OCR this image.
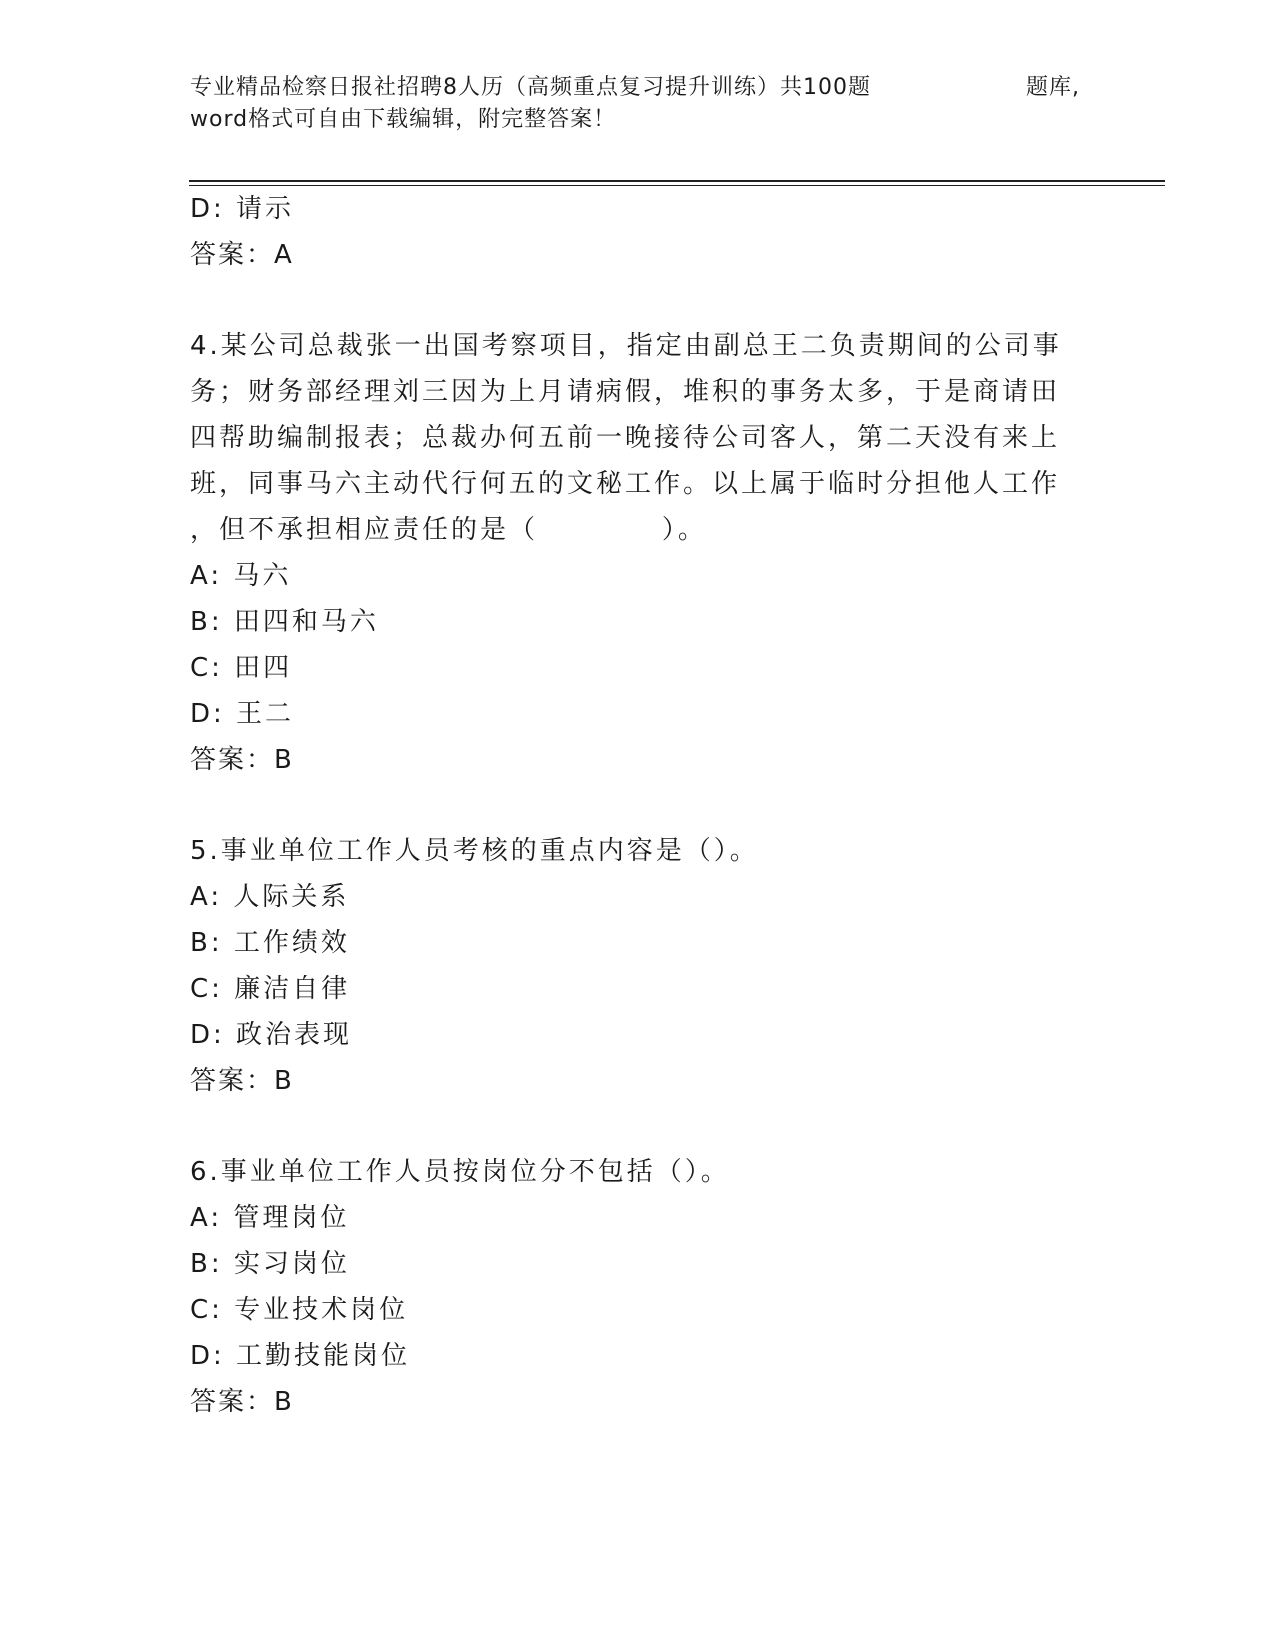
专业精品检察日报社招聘8人历（高频重点复习提升训练）共100题	题库,
word格式可自由下载编辑，附完整答案！
D: 请示
答案：A
4.某公司总裁张一出国考察项目，指定由副总王二负责期间的公司事
务；财务部经理刘三因为上月请病假，堆积的事务太多，于是商请田
四帮助编制报表；总裁办何五前一晚接待公司客人，第二天没有来上
班，同事马六主动代行何五的文秘工作。以上属于临时分担他人工作
，但不承担相应责任的是（           ）。
A: 马六
B: 田四和马六
C: 田四
D: 王二
答案：B
5.事业单位工作人员考核的重点内容是（）。
A: 人际关系
B: 工作绩效
C: 廉洁自律
D: 政治表现
答案：B
6.事业单位工作人员按岗位分不包括（）。
A: 管理岗位
B: 实习岗位
C: 专业技术岗位
D: 工勤技能岗位
答案：B
